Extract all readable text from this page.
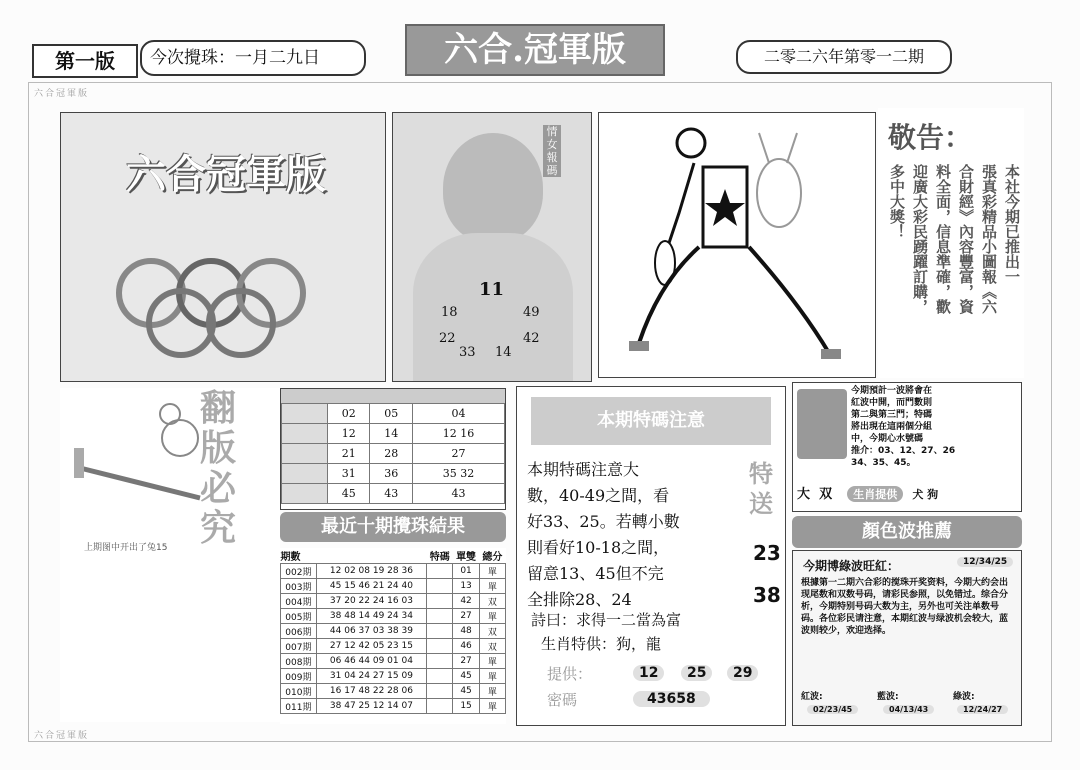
六合冠軍版
六合冠軍版
第一版	今次攪珠：一月二九日	六合.冠軍版	二零二六年第零一二期
六合冠軍版
情女報碼
11
18	49
22	42
33 14
敬告：
本社今期已推出一
張真彩精品小圖報《六
合財經》內容豐富，資
料全面，信息準確，歡
迎廣大彩民踴躍訂購，
多中大獎！
翻版必究
上期图中开出了兔15
	02	05	04
	12	14	12 16
	21	28	27
	31	36	35 32
	45	43	43
最近十期攪珠結果
期數		特碼	單雙	總分
002期	12 02 08 19 28 36		01	單
003期	45 15 46 21 24 40		13	單
004期	37 20 22 24 16 03		42	双
005期	38 48 14 49 24 34		27	單
006期	44 06 37 03 38 39		48	双
007期	27 12 42 05 23 15		46	双
008期	06 46 44 09 01 04		27	單
009期	31 04 24 27 15 09		45	單
010期	16 17 48 22 28 06		45	單
011期	38 47 25 12 14 07		15	單
本期特碼注意
本期特碼注意大
數，40-49之間，看
好33、25。若轉小數
則看好10-18之間，
留意13、45但不完
全排除28、24
詩曰：求得一二當為富
生肖特供：狗，龍
特送
23
38
提供：	12	25	29
密碼	43658
今期預計一波將會在
紅波中開，而門數則
第二與第三門；特碼
將出現在這兩個分組
中，今期心水號碼
推介：03、12、27、26
34、35、45。
大 双 生肖提供 犬 狗
顏色波推薦
今期博綠波旺紅：	12/34/25
根據第一二期六合彩的搅珠开奖资料，今期大约会出现尾数和双数号码，请彩民参照，以免错过。综合分析，今期特别号码大数为主，另外也可关注单数号码。各位彩民请注意，本期红波与绿波机会较大，蓝波则较少，欢迎选择。
紅波:	藍波:	綠波:
02/23/45	04/13/43	12/24/27
